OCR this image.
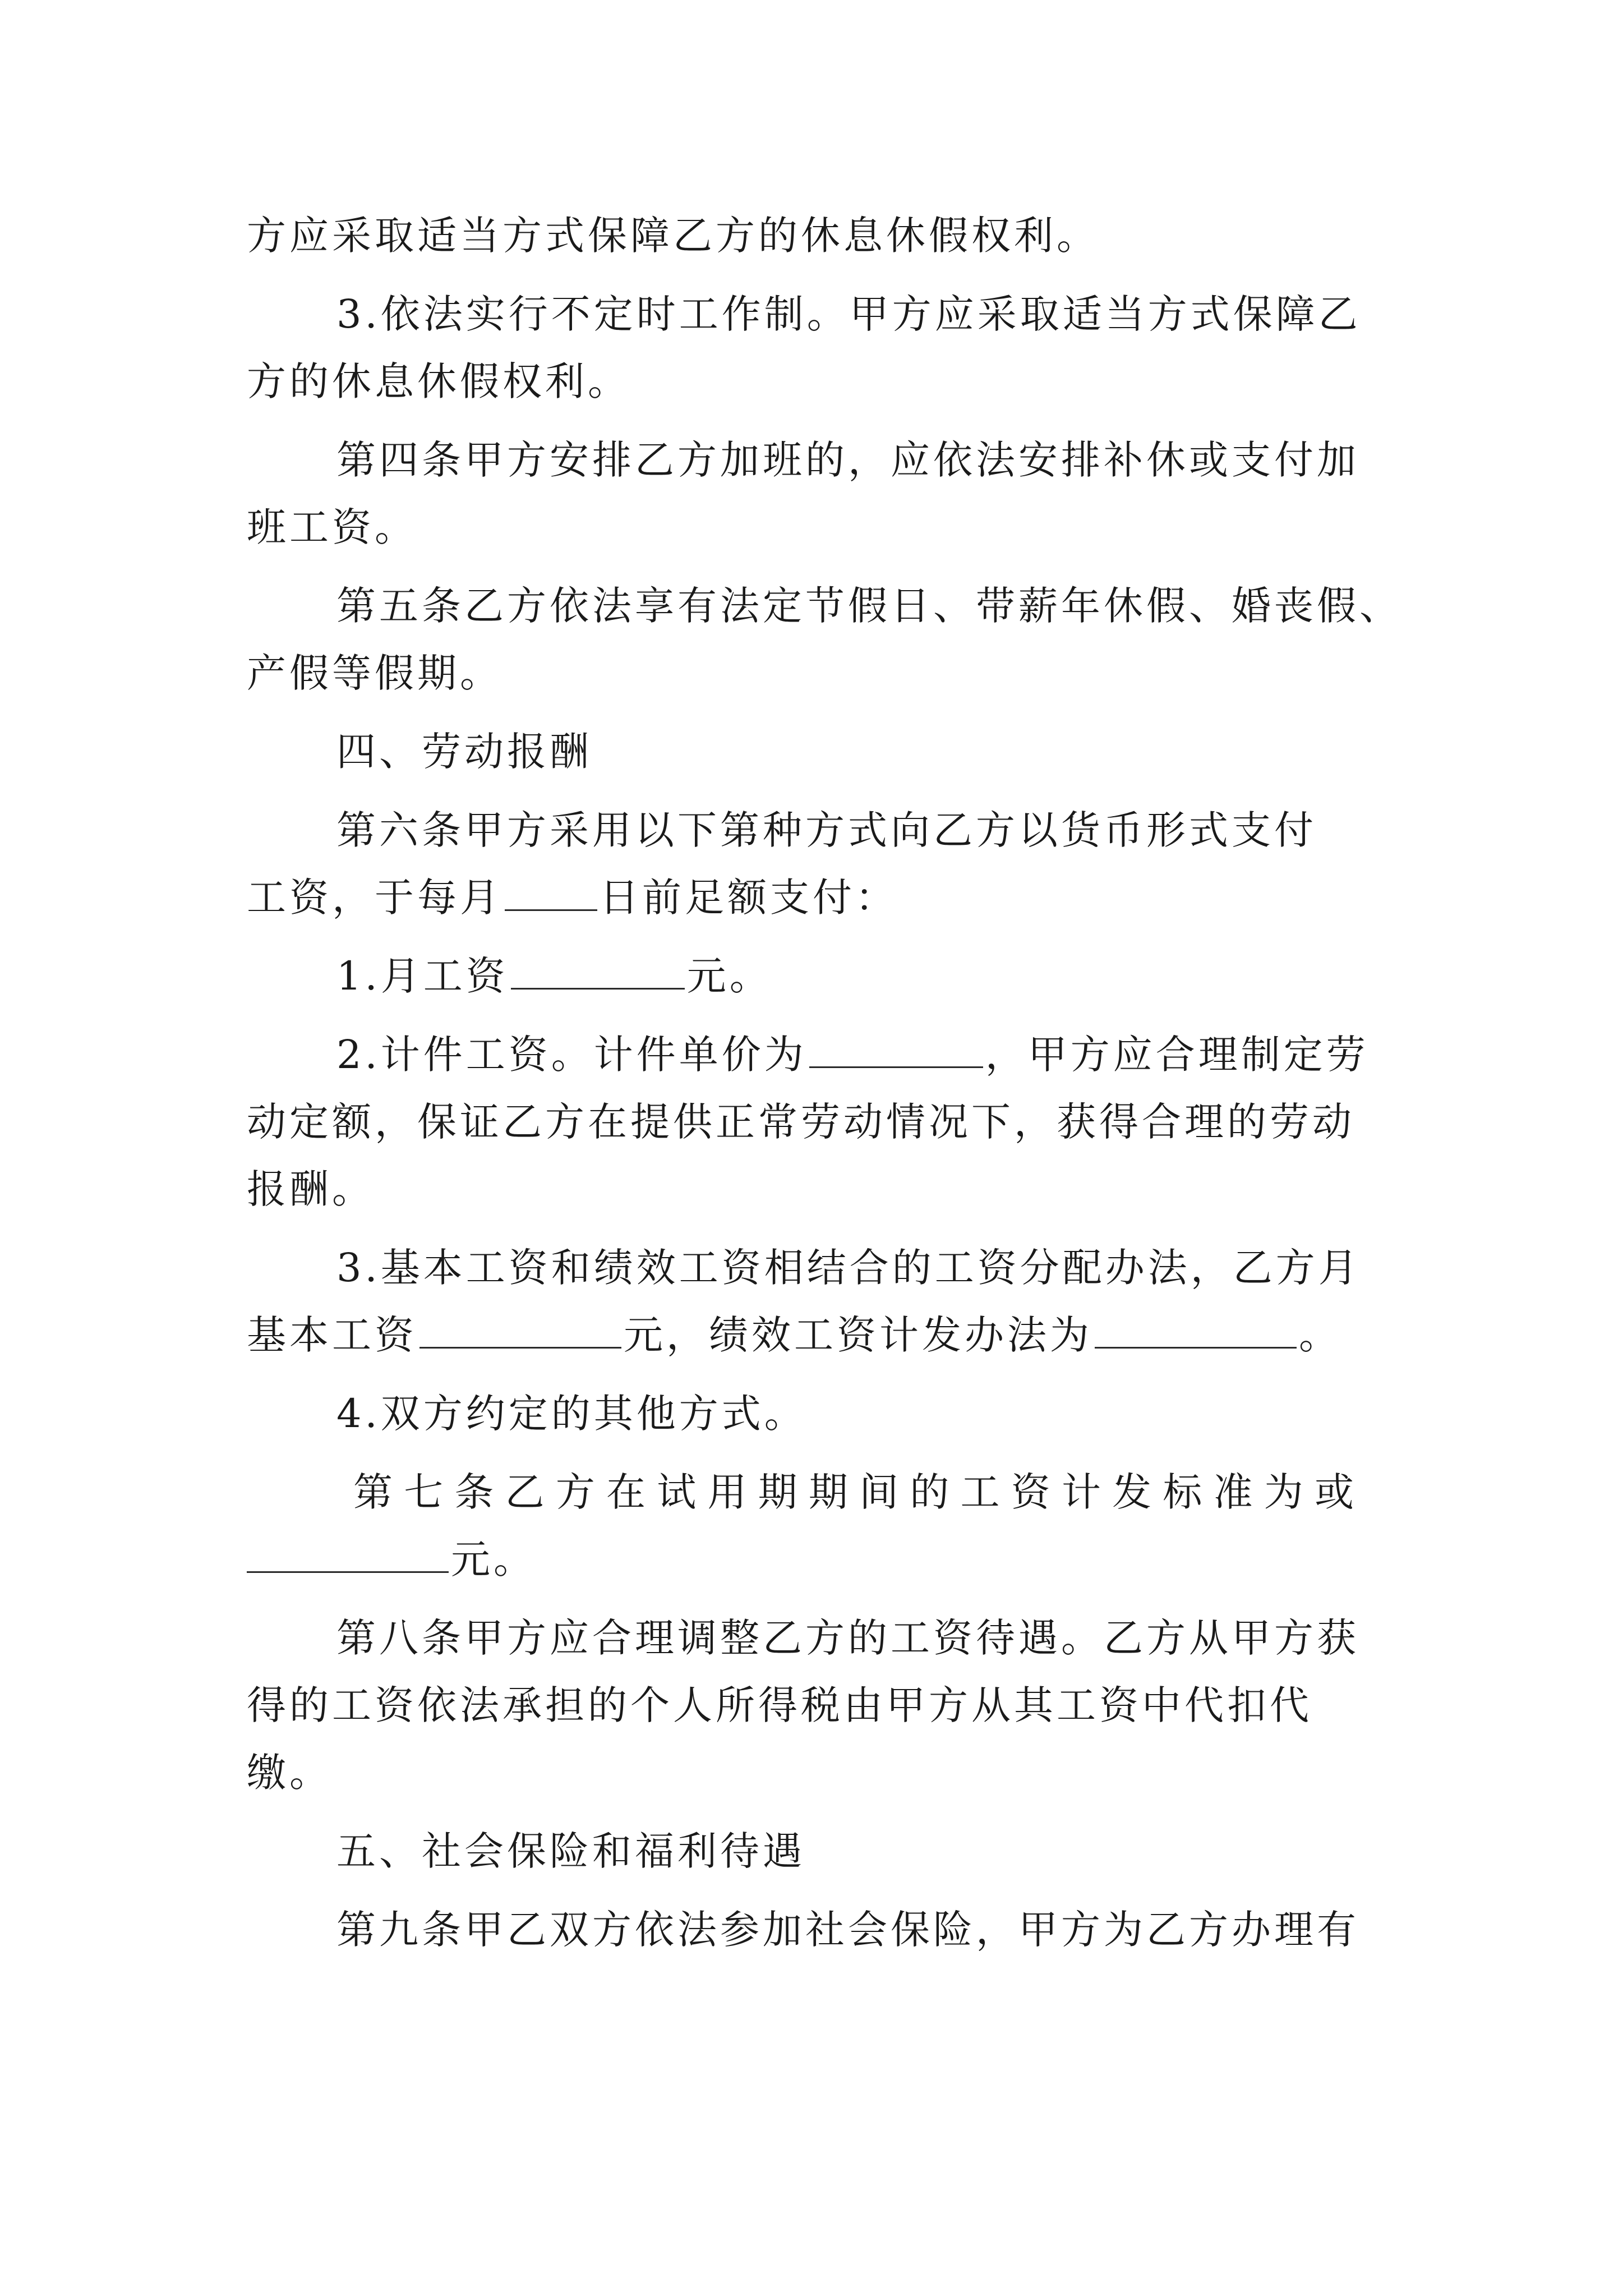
方应采取适当方式保障乙方的休息休假权利。
3.依法实行不定时工作制。甲方应采取适当方式保障乙
方的休息休假权利。
第四条甲方安排乙方加班的，应依法安排补休或支付加
班工资。
第五条乙方依法享有法定节假日、带薪年休假、婚丧假、
产假等假期。
四、劳动报酬
第六条甲方采用以下第种方式向乙方以货币形式支付
工资，于每月 日前足额支付：
1.月工资	元。
2.计件工资。计件单价为	，甲方应合理制定劳
动定额，保证乙方在提供正常劳动情况下，获得合理的劳动
报酬。
3.基本工资和绩效工资相结合的工资分配办法，乙方月
基本工资	元，绩效工资计发办法为	。
4.双方约定的其他方式。
第七条乙方在试用期期间的工资计发标准为或
元。
第八条甲方应合理调整乙方的工资待遇。乙方从甲方获
得的工资依法承担的个人所得税由甲方从其工资中代扣代
缴。
五、社会保险和福利待遇
第九条甲乙双方依法参加社会保险，甲方为乙方办理有
